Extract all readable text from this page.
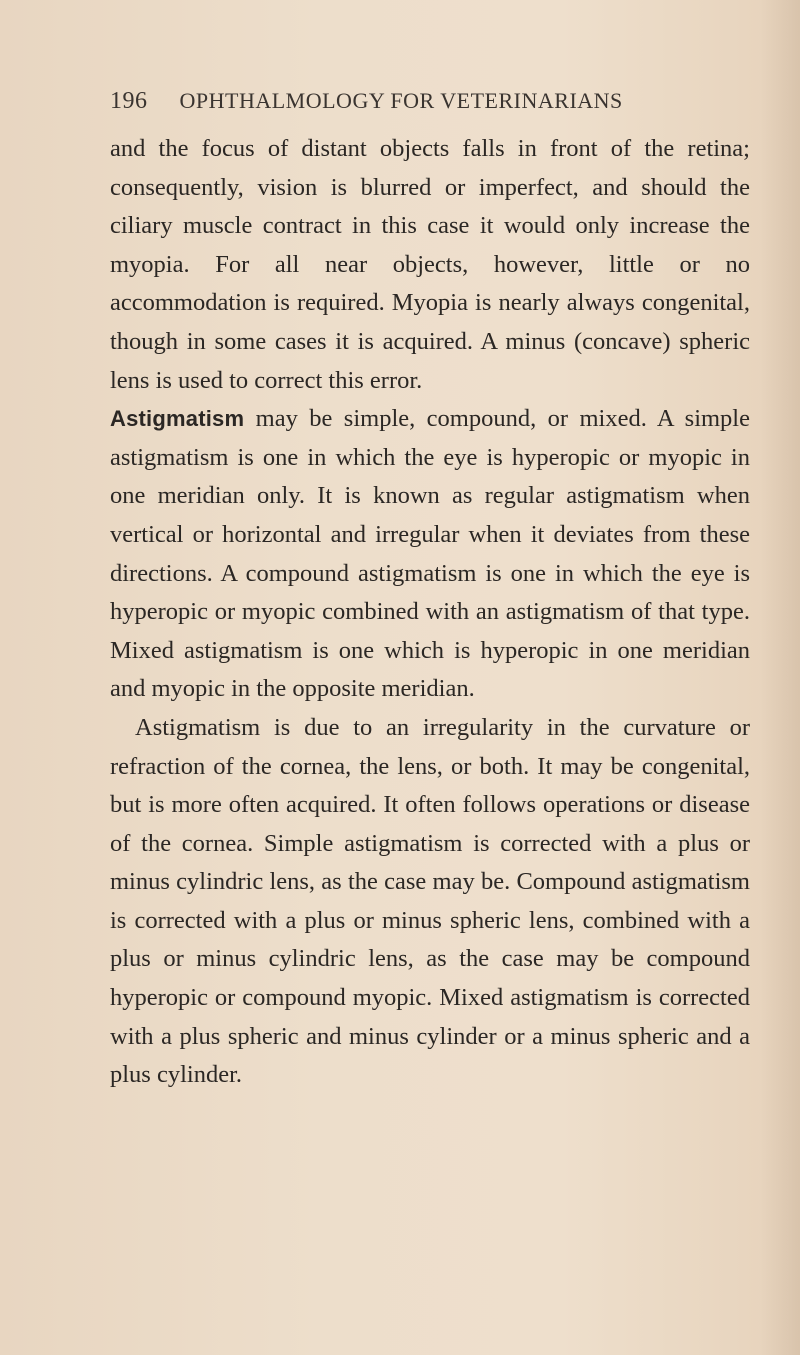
196 OPHTHALMOLOGY FOR VETERINARIANS

and the focus of distant objects falls in front of the retina; consequently, vision is blurred or imperfect, and should the ciliary muscle contract in this case it would only increase the myopia. For all near objects, however, little or no accommodation is required. Myopia is nearly always congenital, though in some cases it is acquired. A minus (concave) spheric lens is used to correct this error.

Astigmatism may be simple, compound, or mixed. A simple astigmatism is one in which the eye is hyperopic or myopic in one meridian only. It is known as regular astigmatism when vertical or horizontal and irregular when it deviates from these directions. A compound astigmatism is one in which the eye is hyperopic or myopic combined with an astigmatism of that type. Mixed astigmatism is one which is hyperopic in one meridian and myopic in the opposite meridian.

Astigmatism is due to an irregularity in the curvature or refraction of the cornea, the lens, or both. It may be congenital, but is more often acquired. It often follows operations or disease of the cornea. Simple astigmatism is corrected with a plus or minus cylindric lens, as the case may be. Compound astigmatism is corrected with a plus or minus spheric lens, combined with a plus or minus cylindric lens, as the case may be compound hyperopic or compound myopic. Mixed astigmatism is corrected with a plus spheric and minus cylinder or a minus spheric and a plus cylinder.
